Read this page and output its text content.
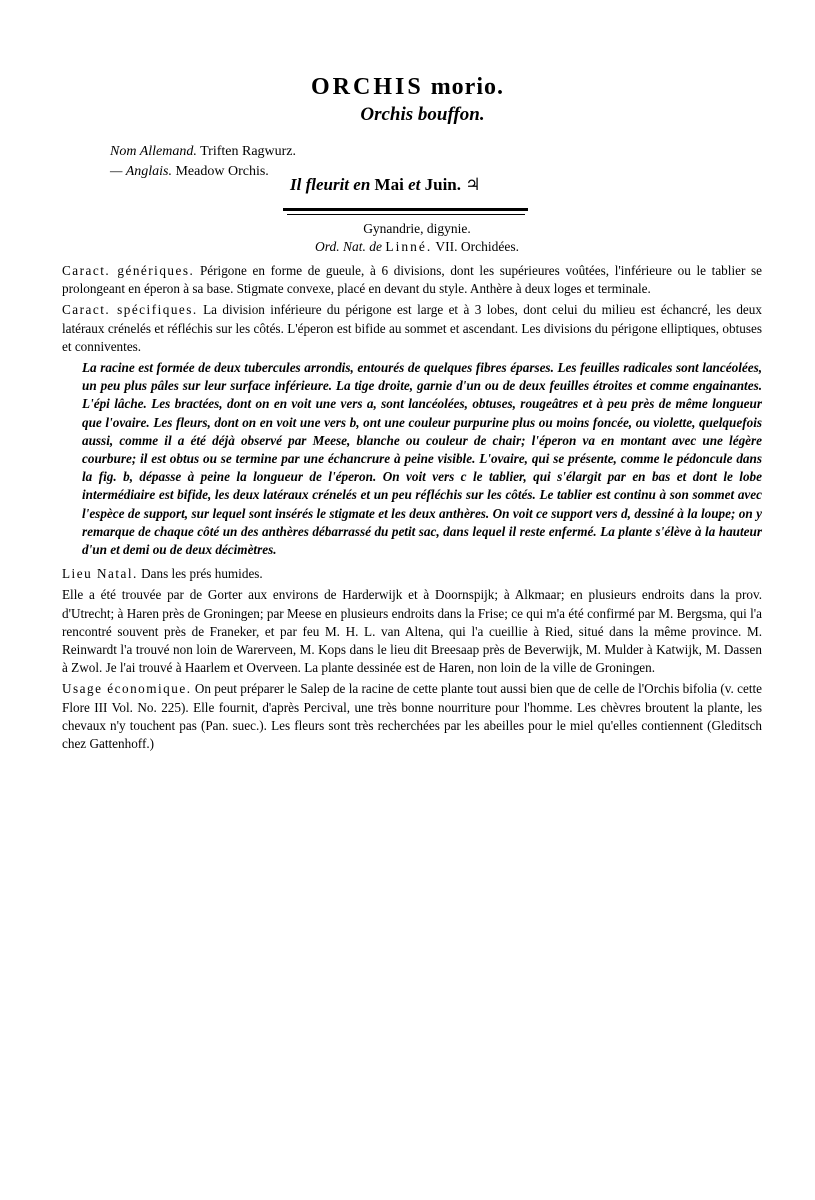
ORCHIS morio.
Orchis bouffon.
Nom Allemand. Triften Ragwurz.
— Anglais. Meadow Orchis.
Il fleurit en Mai et Juin. ♃
Gynandrie, digynie.
Ord. Nat. de Linné. VII. Orchidées.

Caract. génériques. Périgone en forme de gueule, à 6 divisions, dont les supérieures voûtées, l'inférieure ou le tablier se prolongeant en éperon à sa base. Stigmate convexe, placé en devant du style. Anthère à deux loges et terminale.

Caract. spécifiques. La division inférieure du périgone est large et à 3 lobes, dont celui du milieu est échancré, les deux latéraux crénelés et réfléchis sur les côtés. L'éperon est bifide au sommet et ascendant. Les divisions du périgone elliptiques, obtuses et conniventes.

La racine est formée de deux tubercules arrondis, entourés de quelques fibres éparses. Les feuilles radicales sont lancéolées, un peu plus pâles sur leur surface inférieure. La tige droite, garnie d'un ou de deux feuilles étroites et comme engainantes. L'épi lâche. Les bractées, dont on en voit une vers a, sont lancéolées, obtuses, rougeâtres et à peu près de même longueur que l'ovaire. Les fleurs, dont on en voit une vers b, ont une couleur purpurine plus ou moins foncée, ou violette, quelquefois aussi, comme il a été déjà observé par Meese, blanche ou couleur de chair; l'éperon va en montant avec une légère courbure; il est obtus ou se termine par une échancrure à peine visible. L'ovaire, qui se présente, comme le pédoncule dans la fig. b, dépasse à peine la longueur de l'éperon. On voit vers c le tablier, qui s'élargit par en bas et dont le lobe intermédiaire est bifide, les deux latéraux crénelés et un peu réfléchis sur les côtés. Le tablier est continu à son sommet avec l'espèce de support, sur lequel sont insérés le stigmate et les deux anthères. On voit ce support vers d, dessiné à la loupe; on y remarque de chaque côté un des anthères débarrassé du petit sac, dans lequel il reste enfermé. La plante s'élève à la hauteur d'un et demi ou de deux décimètres.

Lieu Natal. Dans les prés humides.

Elle a été trouvée par de Gorter aux environs de Harderwijk et à Doornspijk; à Alkmaar; en plusieurs endroits dans la prov. d'Utrecht; à Haren près de Groningen; par Meese en plusieurs endroits dans la Frise; ce qui m'a été confirmé par M. Bergsma, qui l'a rencontré souvent près de Franeker, et par feu M. H. L. van Altena, qui l'a cueillie à Ried, situé dans la même province. M. Reinwardt l'a trouvé non loin de Warerveen, M. Kops dans le lieu dit Breesaap près de Beverwijk, M. Mulder à Katwijk, M. Dassen à Zwol. Je l'ai trouvé à Haarlem et Overveen. La plante dessinée est de Haren, non loin de la ville de Groningen.

Usage économique. On peut préparer le Salep de la racine de cette plante tout aussi bien que de celle de l'Orchis bifolia (v. cette Flore III Vol. No. 225). Elle fournit, d'après Percival, une très bonne nourriture pour l'homme. Les chèvres broutent la plante, les chevaux n'y touchent pas (Pan. suec.). Les fleurs sont très recherchées par les abeilles pour le miel qu'elles contiennent (Gleditsch chez Gattenhoff.)
